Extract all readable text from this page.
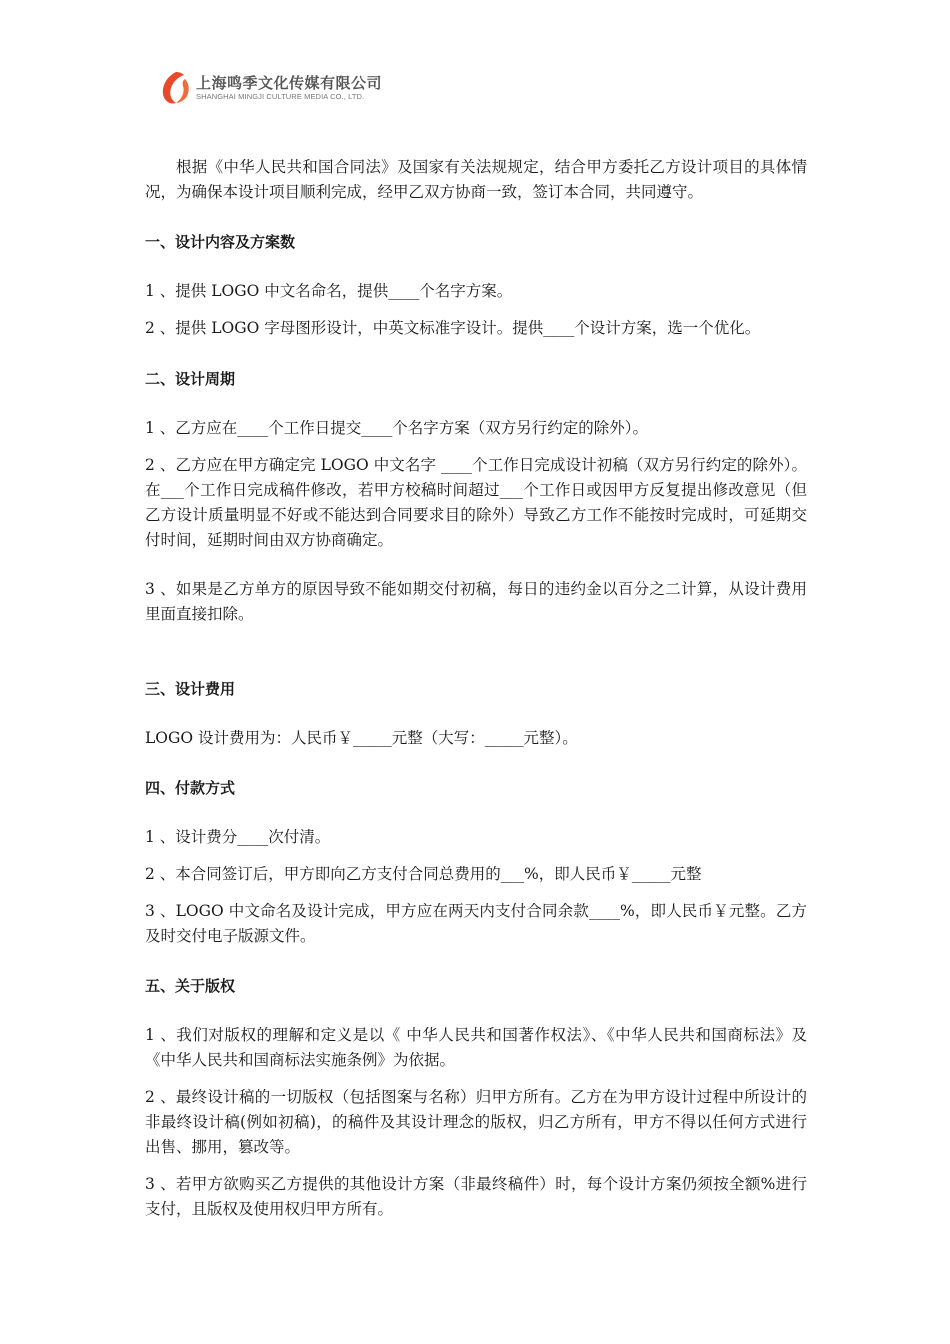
上海鸣季文化传媒有限公司
SHANGHAI MINGJI CULTURE MEDIA CO., LTD.

根据《中华人民共和国合同法》及国家有关法规规定，结合甲方委托乙方设计项目的具体情况，为确保本设计项目顺利完成，经甲乙双方协商一致，签订本合同，共同遵守。

一、设计内容及方案数

1 、提供 LOGO 中文名命名，提供____个名字方案。

2 、提供 LOGO 字母图形设计，中英文标准字设计。提供____个设计方案，选一个优化。

二、设计周期

1 、乙方应在____个工作日提交____个名字方案（双方另行约定的除外）。

2 、乙方应在甲方确定完 LOGO 中文名字 ____个工作日完成设计初稿（双方另行约定的除外）。在___个工作日完成稿件修改，若甲方校稿时间超过___个工作日或因甲方反复提出修改意见（但乙方设计质量明显不好或不能达到合同要求目的除外）导致乙方工作不能按时完成时，可延期交付时间，延期时间由双方协商确定。

3 、如果是乙方单方的原因导致不能如期交付初稿，每日的违约金以百分之二计算，从设计费用里面直接扣除。

三、设计费用

LOGO 设计费用为：人民币￥_____元整（大写：_____元整）。

四、付款方式

1 、设计费分____次付清。

2 、本合同签订后，甲方即向乙方支付合同总费用的___%，即人民币￥_____元整

3 、LOGO 中文命名及设计完成，甲方应在两天内支付合同余款____%，即人民币￥元整。乙方及时交付电子版源文件。

五、关于版权

1 、我们对版权的理解和定义是以《 中华人民共和国著作权法》、《中华人民共和国商标法》及《中华人民共和国商标法实施条例》为依据。

2 、最终设计稿的一切版权（包括图案与名称）归甲方所有。乙方在为甲方设计过程中所设计的非最终设计稿(例如初稿)，的稿件及其设计理念的版权，归乙方所有，甲方不得以任何方式进行出售、挪用，篡改等。

3 、若甲方欲购买乙方提供的其他设计方案（非最终稿件）时，每个设计方案仍须按全额%进行支付，且版权及使用权归甲方所有。
